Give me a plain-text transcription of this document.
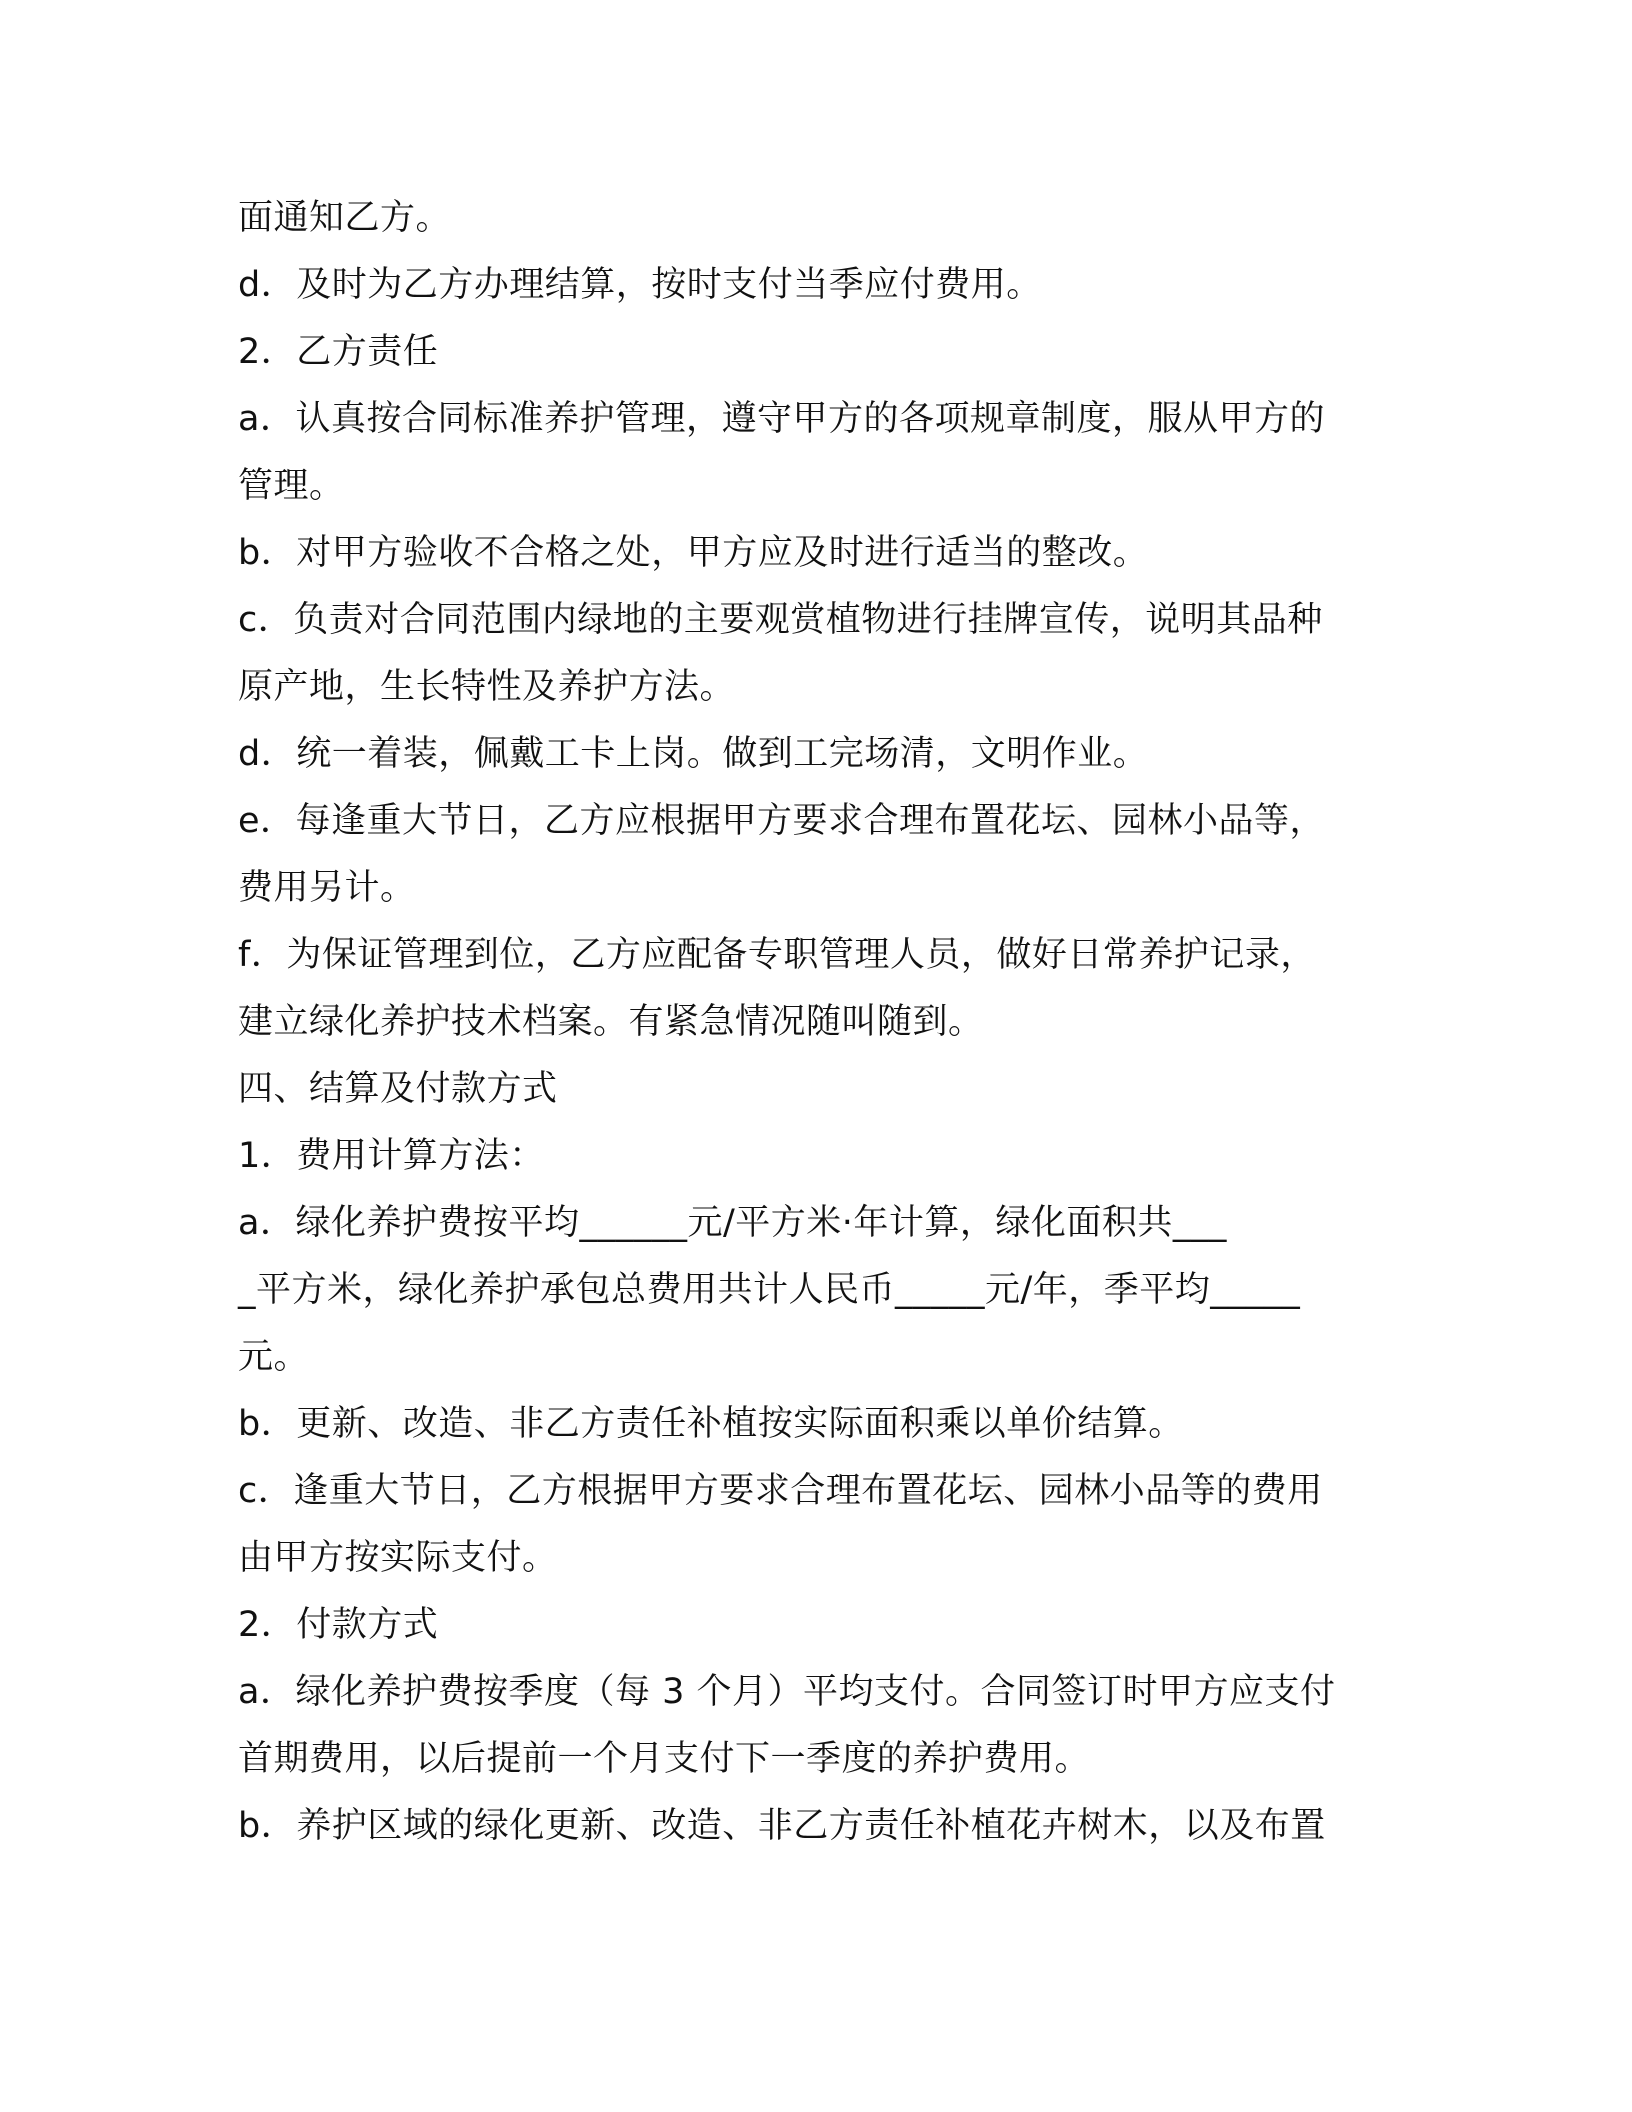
面通知乙方。
d．及时为乙方办理结算，按时支付当季应付费用。
2．乙方责任
a．认真按合同标准养护管理，遵守甲方的各项规章制度，服从甲方的
管理。
b．对甲方验收不合格之处，甲方应及时进行适当的整改。
c．负责对合同范围内绿地的主要观赏植物进行挂牌宣传，说明其品种
原产地，生长特性及养护方法。
d．统一着装，佩戴工卡上岗。做到工完场清，文明作业。
e．每逢重大节日，乙方应根据甲方要求合理布置花坛、园林小品等，
费用另计。
f．为保证管理到位，乙方应配备专职管理人员，做好日常养护记录，
建立绿化养护技术档案。有紧急情况随叫随到。
四、结算及付款方式
1．费用计算方法：
a．绿化养护费按平均______元/平方米·年计算，绿化面积共___
_平方米，绿化养护承包总费用共计人民币_____元/年，季平均_____
元。
b．更新、改造、非乙方责任补植按实际面积乘以单价结算。
c．逢重大节日，乙方根据甲方要求合理布置花坛、园林小品等的费用
由甲方按实际支付。
2．付款方式
a．绿化养护费按季度（每 3 个月）平均支付。合同签订时甲方应支付
首期费用，以后提前一个月支付下一季度的养护费用。
b．养护区域的绿化更新、改造、非乙方责任补植花卉树木，以及布置
